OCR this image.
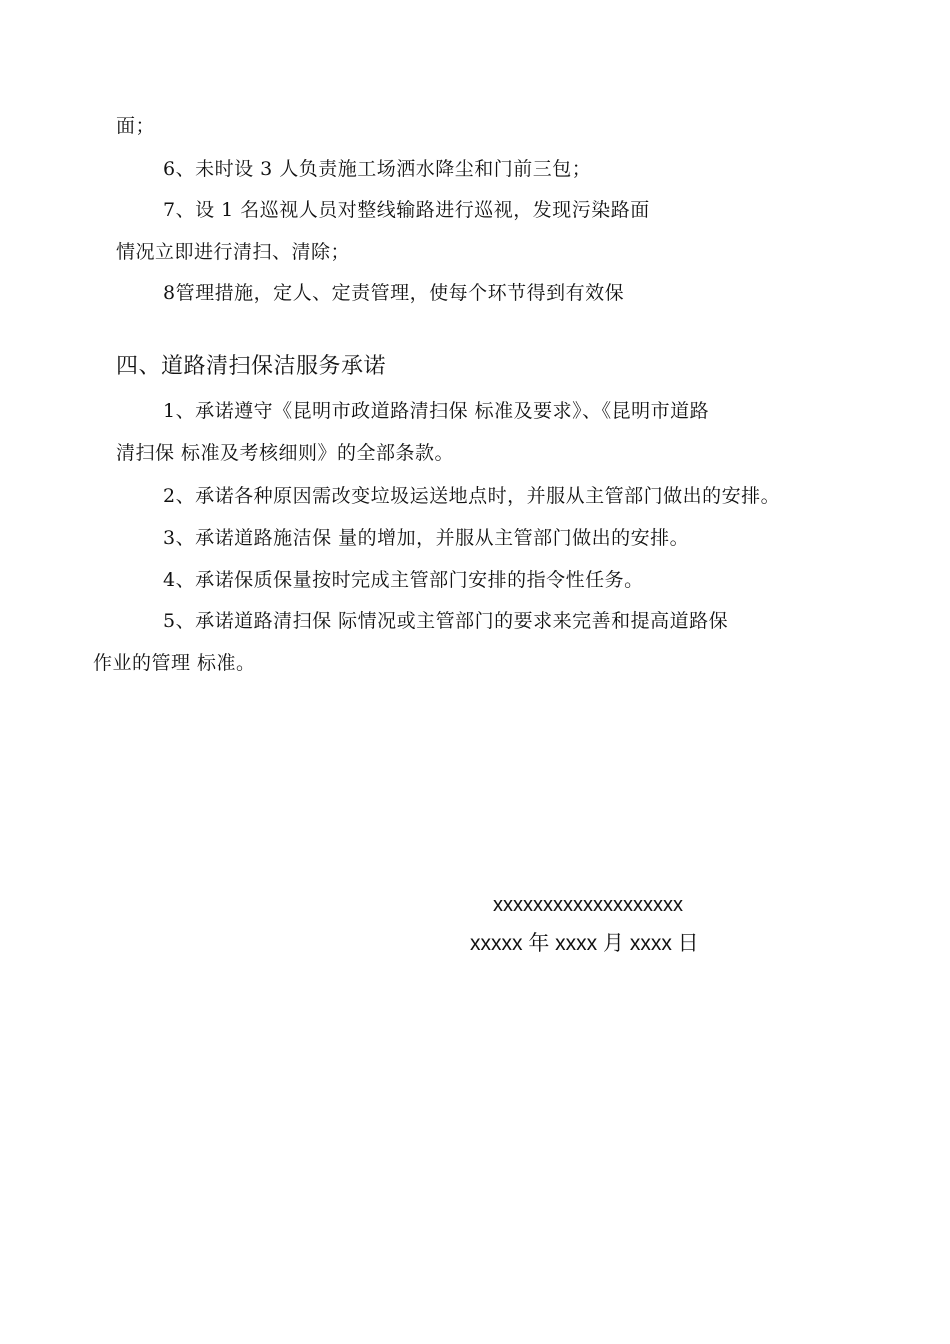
面；
6、未时设 3 人负责施工场洒水降尘和门前三包；
7、设 1 名巡视人员对整线输路进行巡视，发现污染路面
情况立即进行清扫、清除；
8管理措施，定人、定责管理，使每个环节得到有效保
四、道路清扫保洁服务承诺
1、承诺遵守《昆明市政道路清扫保 标准及要求》、《昆明市道路
清扫保 标准及考核细则》的全部条款。
2、承诺各种原因需改变垃圾运送地点时，并服从主管部门做出的安排。
3、承诺道路施洁保 量的增加，并服从主管部门做出的安排。
4、承诺保质保量按时完成主管部门安排的指令性任务。
5、承诺道路清扫保 际情况或主管部门的要求来完善和提高道路保
作业的管理 标准。
xxxxxxxxxxxxxxxxxxx
xxxxx 年 xxxx 月 xxxx 日
